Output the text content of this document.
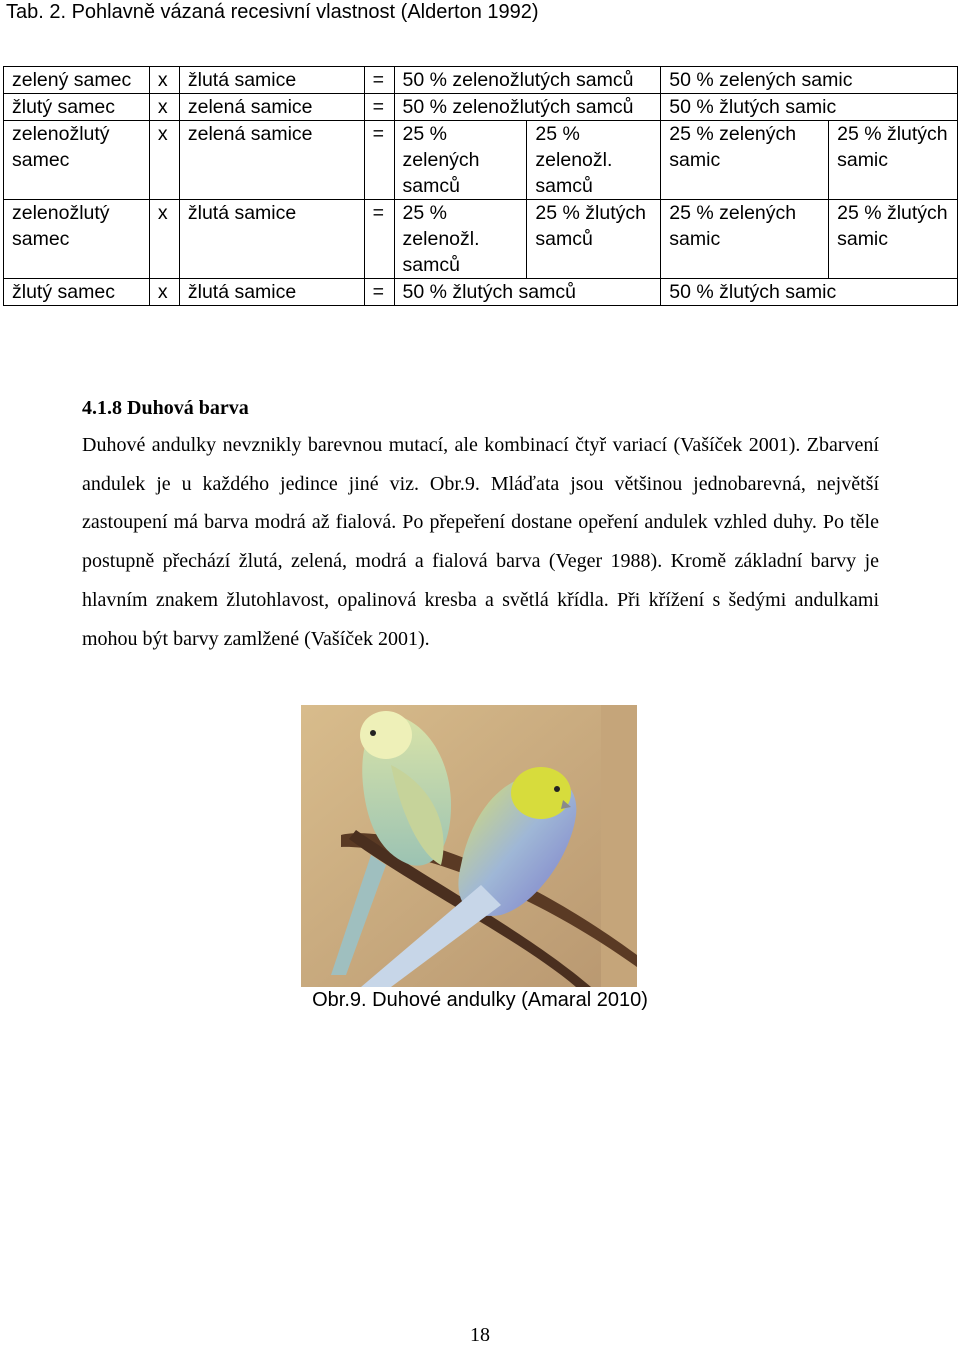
Tab. 2. Pohlavně vázaná recesivní vlastnost (Alderton 1992)
zelený samec	x	žlutá samice	=	50 % zelenožlutých samců		50 % zelených samic	
žlutý samec	x	zelená samice	=	50 % zelenožlutých samců		50 % žlutých samic	
zelenožlutý samec	x	zelená samice	=	25 % zelených samců	25 % zelenožl. samců	25 % zelených samic	25 % žlutých samic
zelenožlutý samec	x	žlutá samice	=	25 % zelenožl. samců	25 % žlutých samců	25 % zelených samic	25 % žlutých samic
žlutý samec	x	žlutá samice	=	50 % žlutých samců		50 % žlutých samic	
4.1.8 Duhová barva
Duhové andulky nevznikly barevnou mutací, ale kombinací čtyř variací (Vašíček 2001). Zbarvení andulek je u každého jedince jiné viz. Obr.9. Mláďata jsou většinou jednobarevná, největší zastoupení má barva modrá až fialová. Po přepeření dostane opeření andulek vzhled duhy. Po těle postupně přechází žlutá, zelená, modrá a fialová barva (Veger 1988). Kromě základní barvy je hlavním znakem žlutohlavost, opalinová kresba a světlá křídla. Při křížení s šedými andulkami mohou být barvy zamlžené (Vašíček 2001).
Obr.9. Duhové andulky (Amaral 2010)
18
